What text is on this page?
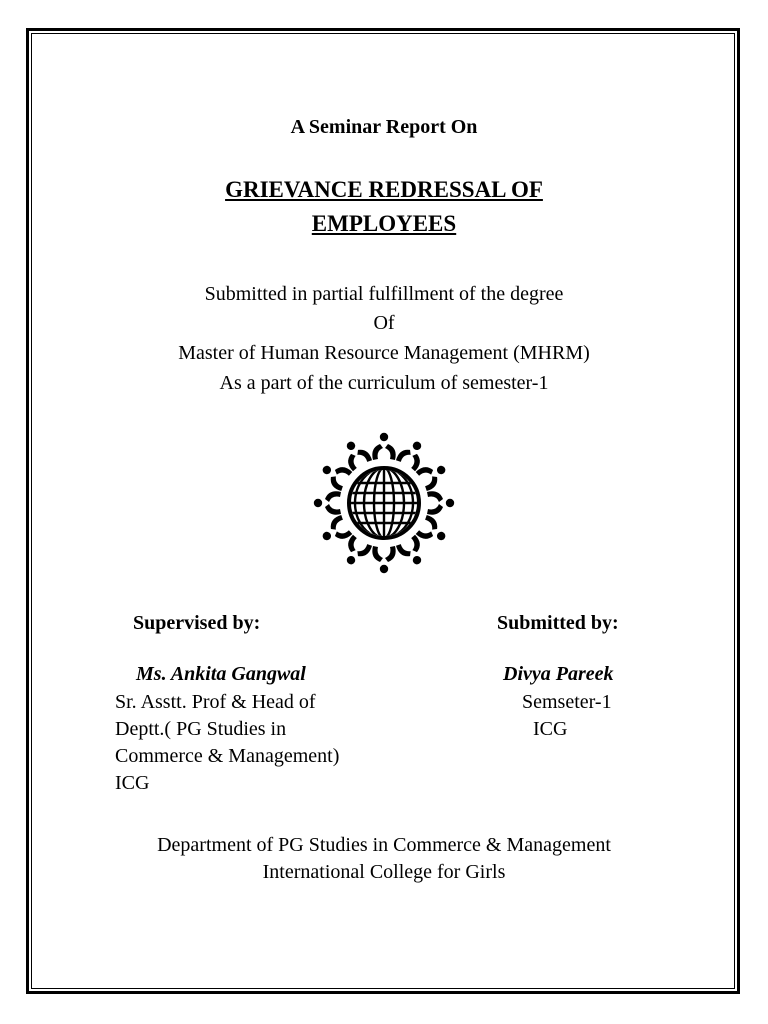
A Seminar Report On
GRIEVANCE REDRESSAL OF
EMPLOYEES
Submitted in partial fulfillment of the degree
Of
Master of Human Resource Management (MHRM)
As a part of the curriculum of semester-1
Supervised by:	Submitted by:
Ms. Ankita Gangwal	Divya Pareek
Sr. Asstt. Prof & Head of
Deptt.( PG Studies in
Commerce & Management)
ICG
Semseter-1
ICG
Department of PG Studies in Commerce & Management
International College for Girls
